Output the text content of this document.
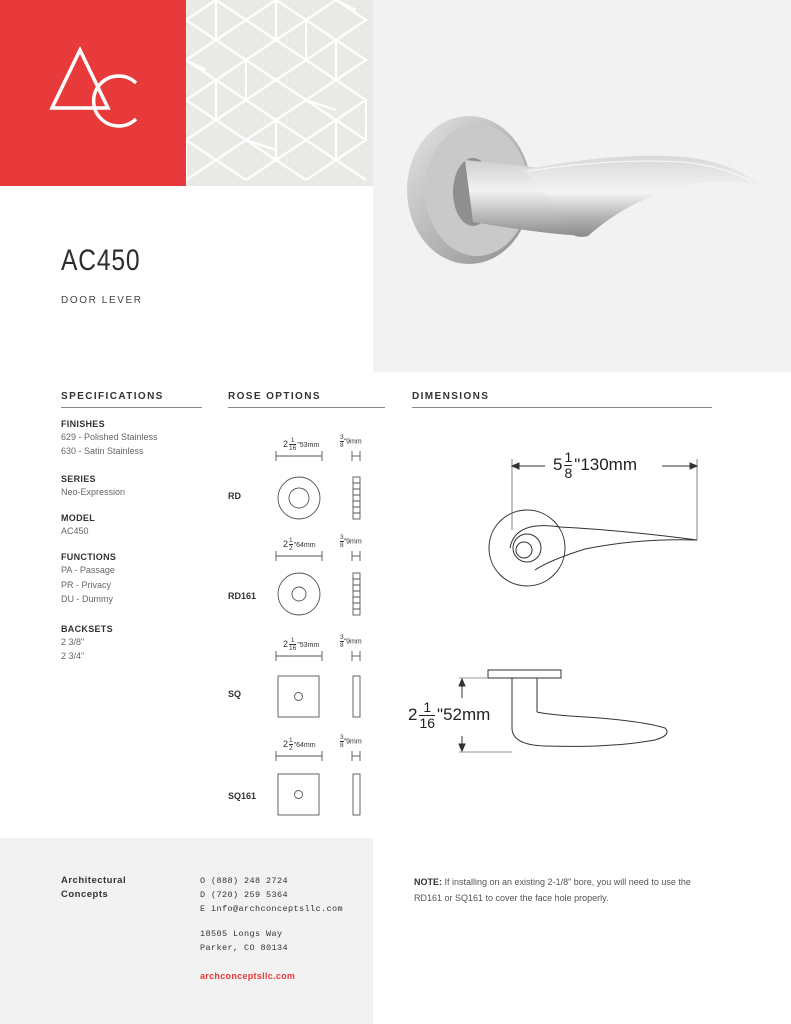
AC450
DOOR LEVER
SPECIFICATIONS	ROSE OPTIONS	DIMENSIONS
FINISHES
629 - Polished Stainless
630 - Satin Stainless
SERIES
Neo-Expression
MODEL
AC450
FUNCTIONS
PA - Passage
PR - Privacy
DU - Dummy
BACKSETS
2 3/8"
2 3/4"
RD
RD161
SQ
SQ161
$2 \frac{1}{16}$ "53mm	$\frac{3}{8}$ "9mm
$2 \frac{1}{2}$ "64mm	$\frac{3}{8}$ "9mm
$2 \frac{1}{16}$ "53mm	$\frac{3}{8}$ "9mm
$2 \frac{1}{2}$ "64mm	$\frac{3}{8}$ "9mm
$5 \frac{1}{8}$ "130mm
$2 \frac{1}{16}$ "52mm
Architectural
Concepts
O (888) 248 2724
D (720) 259 5364
E info@archconceptsllc.com
18505 Longs Way
Parker, CO 80134
archconceptsllc.com
NOTE: If installing on an existing 2-1/8" bore, you will need to use the RD161 or SQ161 to cover the face hole properly.
